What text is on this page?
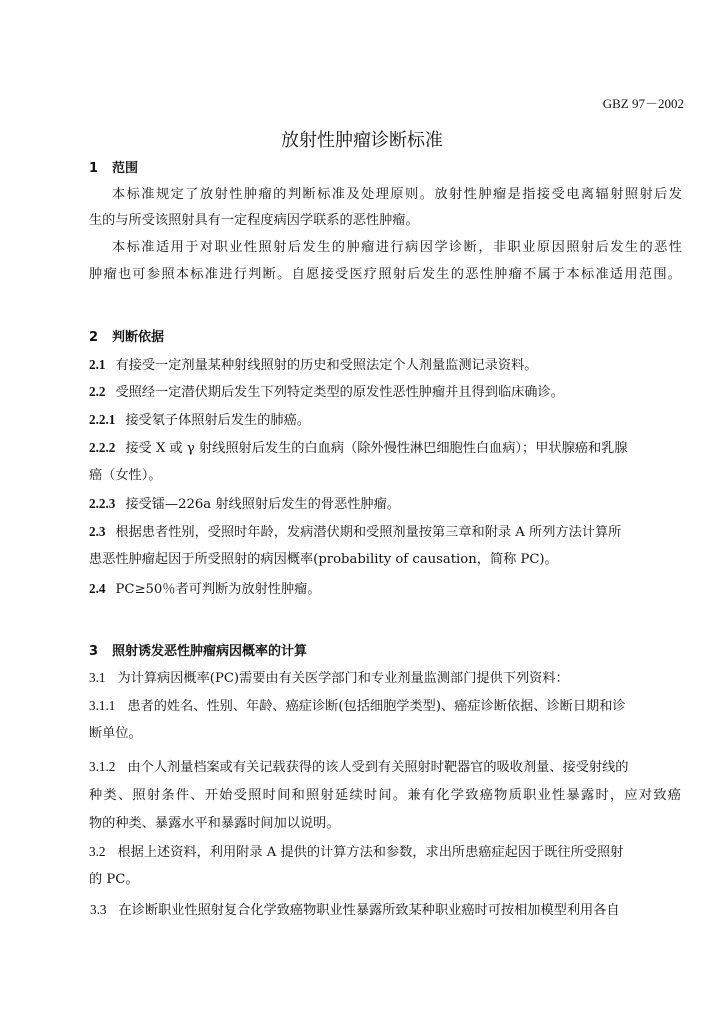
GBZ 97－2002
放射性肿瘤诊断标准
1 范围
本标准规定了放射性肿瘤的判断标准及处理原则。放射性肿瘤是指接受电离辐射照射后发
生的与所受该照射具有一定程度病因学联系的恶性肿瘤。
本标准适用于对职业性照射后发生的肿瘤进行病因学诊断，非职业原因照射后发生的恶性
肿瘤也可参照本标准进行判断。自愿接受医疗照射后发生的恶性肿瘤不属于本标准适用范围。
2 判断依据
2.1 有接受一定剂量某种射线照射的历史和受照法定个人剂量监测记录资料。
2.2 受照经一定潜伏期后发生下列特定类型的原发性恶性肿瘤并且得到临床确诊。
2.2.1 接受氡子体照射后发生的肺癌。
2.2.2 接受 X 或 γ 射线照射后发生的白血病（除外慢性淋巴细胞性白血病）；甲状腺癌和乳腺
癌（女性）。
2.2.3 接受镭—226a 射线照射后发生的骨恶性肿瘤。
2.3 根据患者性别，受照时年龄，发病潜伏期和受照剂量按第三章和附录 A 所列方法计算所
患恶性肿瘤起因于所受照射的病因概率(probability of causation，简称 PC)。
2.4 PC≥50％者可判断为放射性肿瘤。
3 照射诱发恶性肿瘤病因概率的计算
3.1 为计算病因概率(PC)需要由有关医学部门和专业剂量监测部门提供下列资料：
3.1.1 患者的姓名、性别、年龄、癌症诊断(包括细胞学类型)、癌症诊断依据、诊断日期和诊
断单位。
3.1.2 由个人剂量档案或有关记载获得的该人受到有关照射时靶器官的吸收剂量、接受射线的
种类、照射条件、开始受照时间和照射延续时间。兼有化学致癌物质职业性暴露时，应对致癌
物的种类、暴露水平和暴露时间加以说明。
3.2 根据上述资料，利用附录 A 提供的计算方法和参数，求出所患癌症起因于既往所受照射
的 PC。
3.3 在诊断职业性照射复合化学致癌物职业性暴露所致某种职业癌时可按相加模型利用各自
